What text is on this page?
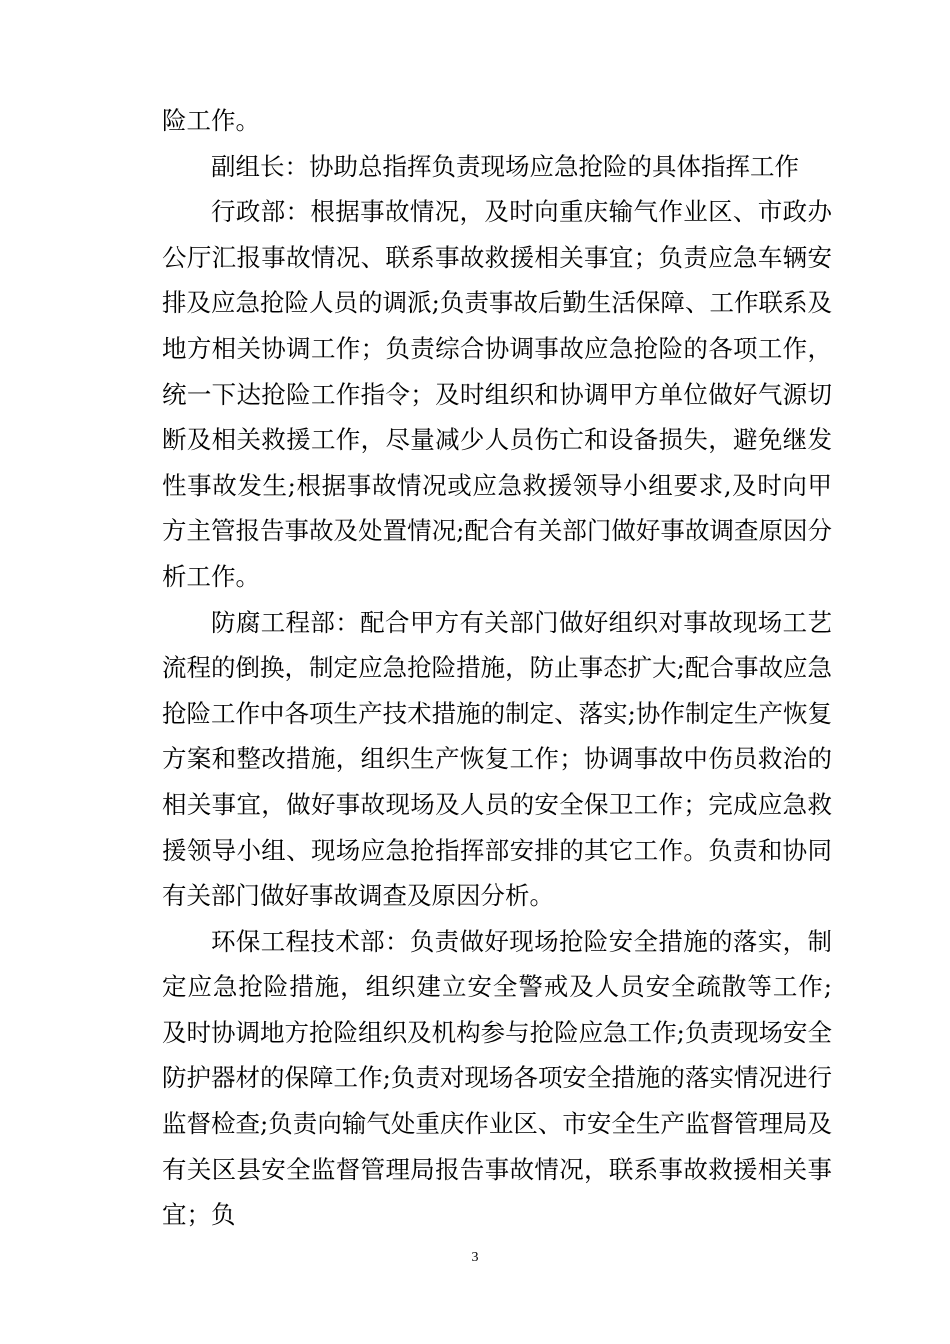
险工作。

副组长：协助总指挥负责现场应急抢险的具体指挥工作

行政部：根据事故情况，及时向重庆输气作业区、市政办公厅汇报事故情况、联系事故救援相关事宜；负责应急车辆安排及应急抢险人员的调派;负责事故后勤生活保障、工作联系及地方相关协调工作；负责综合协调事故应急抢险的各项工作，统一下达抢险工作指令；及时组织和协调甲方单位做好气源切断及相关救援工作，尽量减少人员伤亡和设备损失，避免继发性事故发生;根据事故情况或应急救援领导小组要求,及时向甲方主管报告事故及处置情况;配合有关部门做好事故调查原因分析工作。

防腐工程部：配合甲方有关部门做好组织对事故现场工艺流程的倒换，制定应急抢险措施，防止事态扩大;配合事故应急抢险工作中各项生产技术措施的制定、落实;协作制定生产恢复方案和整改措施，组织生产恢复工作；协调事故中伤员救治的相关事宜，做好事故现场及人员的安全保卫工作；完成应急救援领导小组、现场应急抢指挥部安排的其它工作。负责和协同有关部门做好事故调查及原因分析。

环保工程技术部：负责做好现场抢险安全措施的落实，制定应急抢险措施，组织建立安全警戒及人员安全疏散等工作; 及时协调地方抢险组织及机构参与抢险应急工作;负责现场安全防护器材的保障工作;负责对现场各项安全措施的落实情况进行监督检查;负责向输气处重庆作业区、市安全生产监督管理局及有关区县安全监督管理局报告事故情况，联系事故救援相关事宜；负

3
